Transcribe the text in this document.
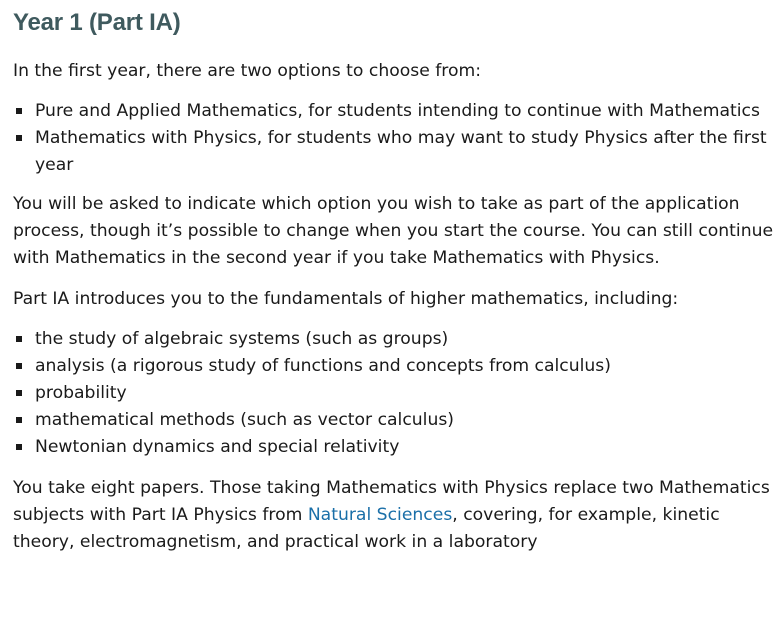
Year 1 (Part IA)

In the first year, there are two options to choose from:

Pure and Applied Mathematics, for students intending to continue with Mathematics
Mathematics with Physics, for students who may want to study Physics after the first year

You will be asked to indicate which option you wish to take as part of the application process, though it’s possible to change when you start the course. You can still continue with Mathematics in the second year if you take Mathematics with Physics.

Part IA introduces you to the fundamentals of higher mathematics, including:

the study of algebraic systems (such as groups)
analysis (a rigorous study of functions and concepts from calculus)
probability
mathematical methods (such as vector calculus)
Newtonian dynamics and special relativity

You take eight papers. Those taking Mathematics with Physics replace two Mathematics subjects with Part IA Physics from Natural Sciences, covering, for example, kinetic theory, electromagnetism, and practical work in a laboratory
